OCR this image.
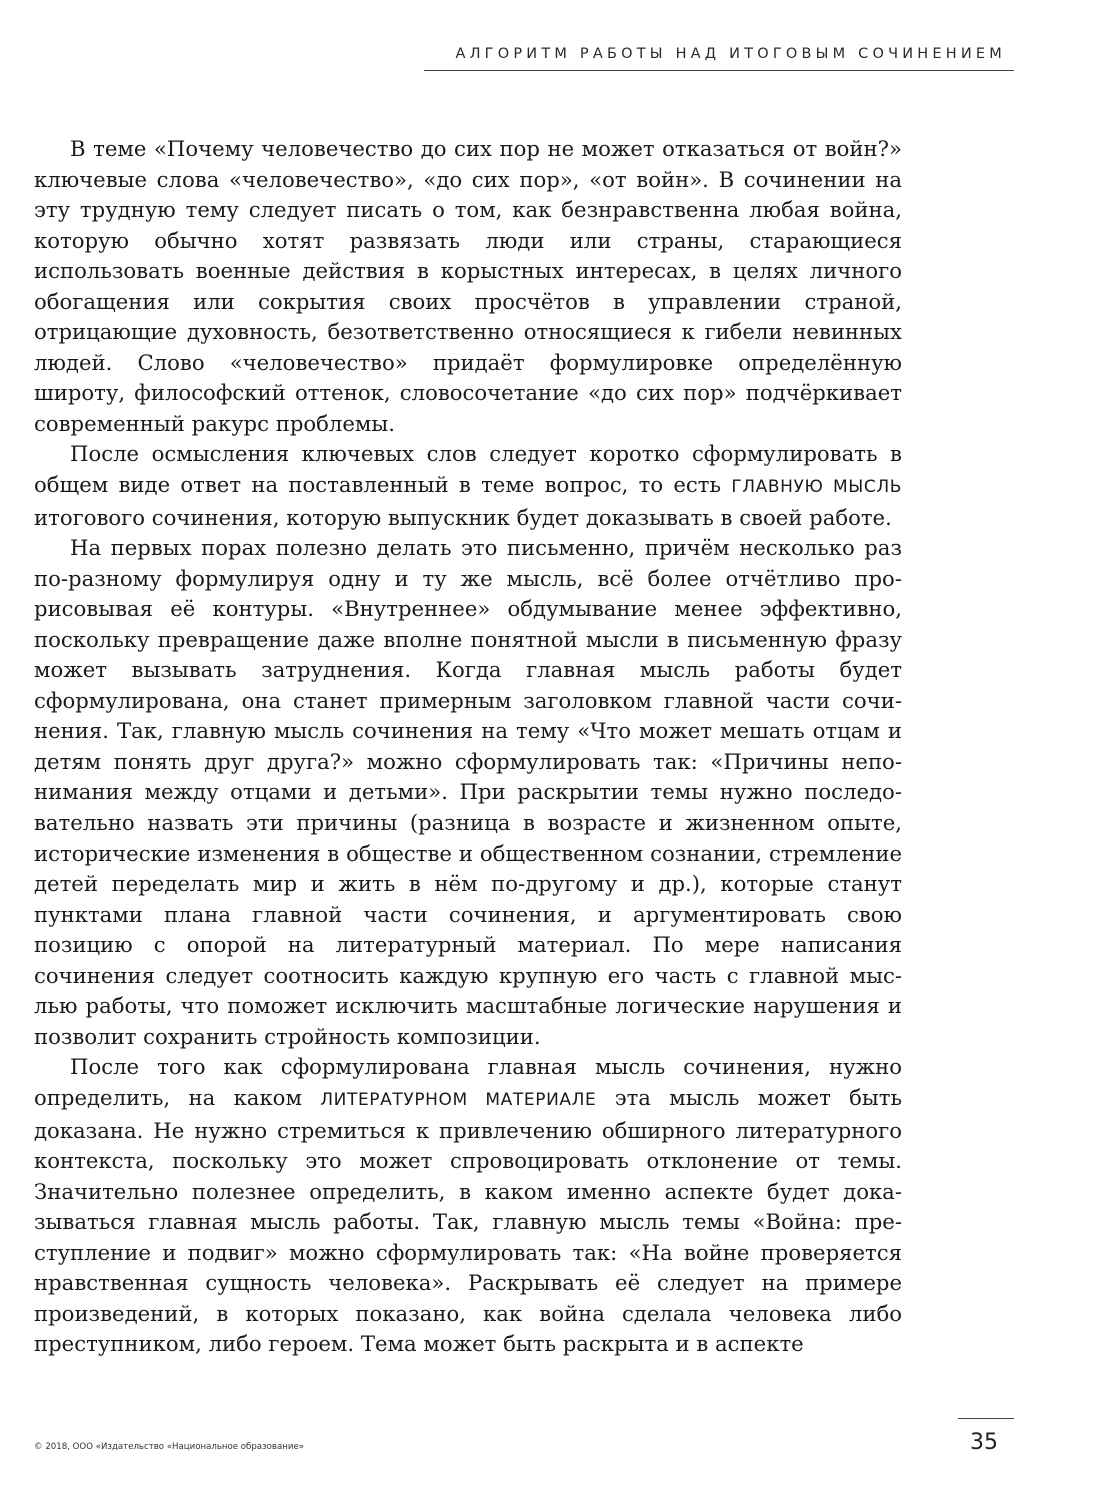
АЛГОРИТМ РАБОТЫ НАД ИТОГОВЫМ СОЧИНЕНИЕМ

В теме «Почему человечество до сих пор не может отказаться от войн?» ключевые слова «человечество», «до сих пор», «от войн». В сочинении на эту трудную тему следует писать о том, как безнравственна любая война, которую обычно хотят развязать люди или страны, старающиеся использовать военные действия в корыстных интересах, в целях личного обогащения или сокрытия своих просчётов в управлении страной, отрицающие духовность, безответственно относящиеся к гибели невинных людей. Слово «человечество» придаёт формулировке определённую широту, философский оттенок, словосочетание «до сих пор» подчёркивает современный ракурс проблемы.

После осмысления ключевых слов следует коротко сформулировать в общем виде ответ на поставленный в теме вопрос, то есть ГЛАВНУЮ МЫСЛЬ итогового сочинения, которую выпускник будет доказывать в своей работе.

На первых порах полезно делать это письменно, причём несколько раз по-разному формулируя одну и ту же мысль, всё более отчётливо прорисовывая её контуры. «Внутреннее» обдумывание менее эффективно, поскольку превращение даже вполне понятной мысли в письменную фразу может вызывать затруднения. Когда главная мысль работы будет сформулирована, она станет примерным заголовком главной части сочинения. Так, главную мысль сочинения на тему «Что может мешать отцам и детям понять друг друга?» можно сформулировать так: «Причины непонимания между отцами и детьми». При раскрытии темы нужно последовательно назвать эти причины (разница в возрасте и жизненном опыте, исторические изменения в обществе и общественном сознании, стремление детей переделать мир и жить в нём по-другому и др.), которые станут пунктами плана главной части сочинения, и аргументировать свою позицию с опорой на литературный материал. По мере написания сочинения следует соотносить каждую крупную его часть с главной мыслью работы, что поможет исключить масштабные логические нарушения и позволит сохранить стройность композиции.

После того как сформулирована главная мысль сочинения, нужно определить, на каком ЛИТЕРАТУРНОМ МАТЕРИАЛЕ эта мысль может быть доказана. Не нужно стремиться к привлечению обширного литературного контекста, поскольку это может спровоцировать отклонение от темы. Значительно полезнее определить, в каком именно аспекте будет доказываться главная мысль работы. Так, главную мысль темы «Война: преступление и подвиг» можно сформулировать так: «На войне проверяется нравственная сущность человека». Раскрывать её следует на примере произведений, в которых показано, как война сделала человека либо преступником, либо героем. Тема может быть раскрыта и в аспекте

© 2018, ООО «Издательство «Национальное образование»	35
